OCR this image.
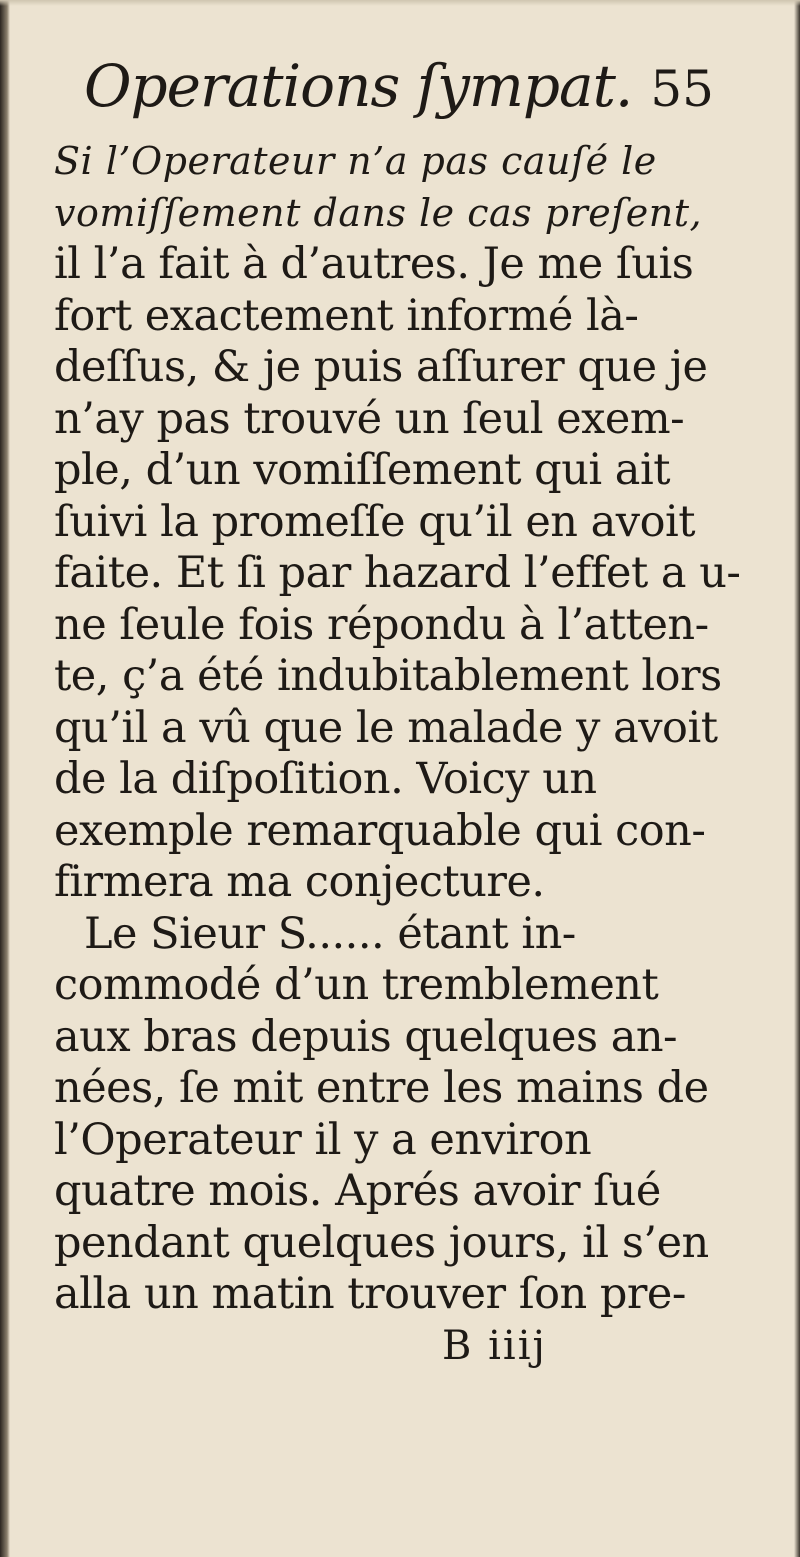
Operations ſympat. 55
Si l’Operateur n’a pas cauſé le
vomiſſement dans le cas preſent,
il l’a fait à d’autres. Je me ſuis
fort exactement informé là-
deſſus, & je puis aſſurer que je
n’ay pas trouvé un ſeul exem-
ple, d’un vomiſſement qui ait
ſuivi la promeſſe qu’il en avoit
faite. Et ſi par hazard l’effet a u-
ne ſeule fois répondu à l’atten-
te, ç’a été indubitablement lors
qu’il a vû que le malade y avoit
de la diſpoſition. Voicy un
exemple remarquable qui con-
firmera ma conjecture.
Le Sieur S...... étant in-
commodé d’un tremblement
aux bras depuis quelques an-
nées, ſe mit entre les mains de
l’Operateur il y a environ
quatre mois. Aprés avoir ſué
pendant quelques jours, il s’en
alla un matin trouver ſon pre-
B iiij
